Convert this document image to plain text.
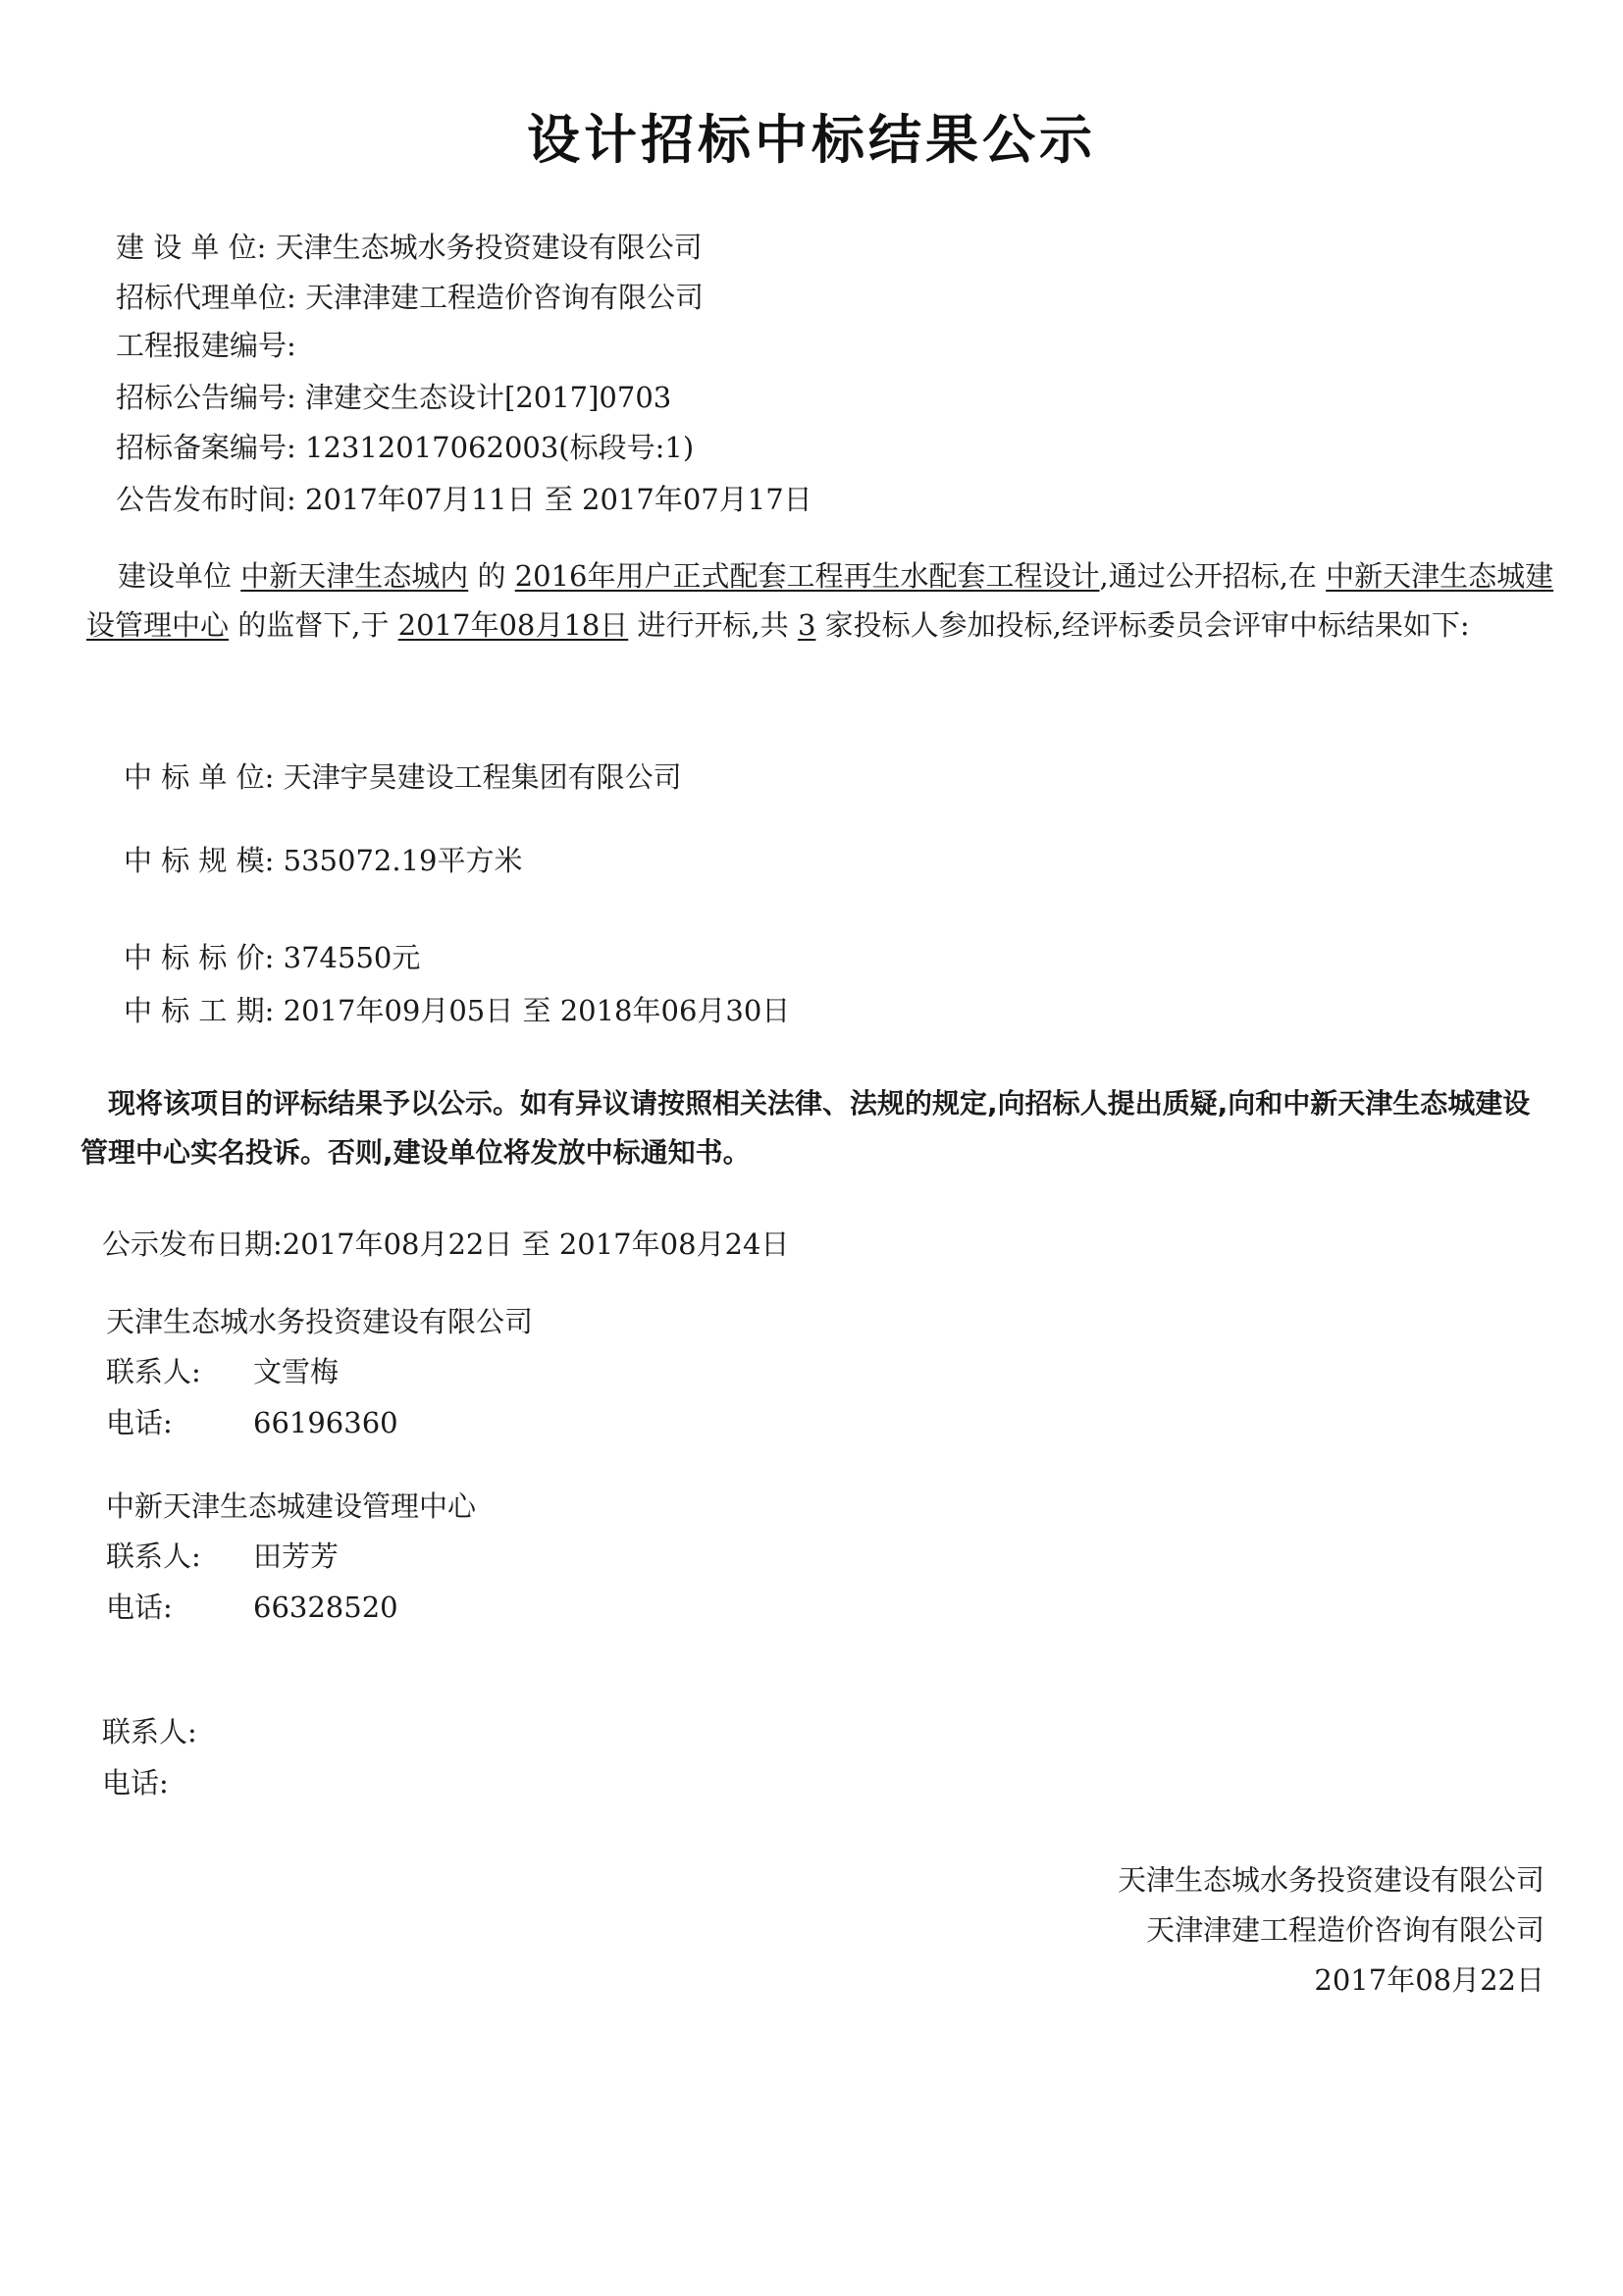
设计招标中标结果公示
建 设 单 位: 天津生态城水务投资建设有限公司
招标代理单位: 天津津建工程造价咨询有限公司
工程报建编号:
招标公告编号: 津建交生态设计[2017]0703
招标备案编号: 12312017062003(标段号:1)
公告发布时间: 2017年07月11日 至 2017年07月17日
建设单位 中新天津生态城内 的 2016年用户正式配套工程再生水配套工程设计,通过公开招标,在 中新天津生态城建设管理中心 的监督下,于 2017年08月18日 进行开标,共 3 家投标人参加投标,经评标委员会评审中标结果如下:
中 标 单 位: 天津宇昊建设工程集团有限公司
中 标 规 模: 535072.19平方米
中 标 标 价: 374550元
中 标 工 期: 2017年09月05日 至 2018年06月30日
现将该项目的评标结果予以公示。如有异议请按照相关法律、法规的规定,向招标人提出质疑,向和中新天津生态城建设管理中心实名投诉。否则,建设单位将发放中标通知书。
公示发布日期:2017年08月22日 至 2017年08月24日
天津生态城水务投资建设有限公司
联系人: 文雪梅
电话:	66196360
中新天津生态城建设管理中心
联系人: 田芳芳
电话:	66328520
联系人:
电话:
天津生态城水务投资建设有限公司
天津津建工程造价咨询有限公司
2017年08月22日
